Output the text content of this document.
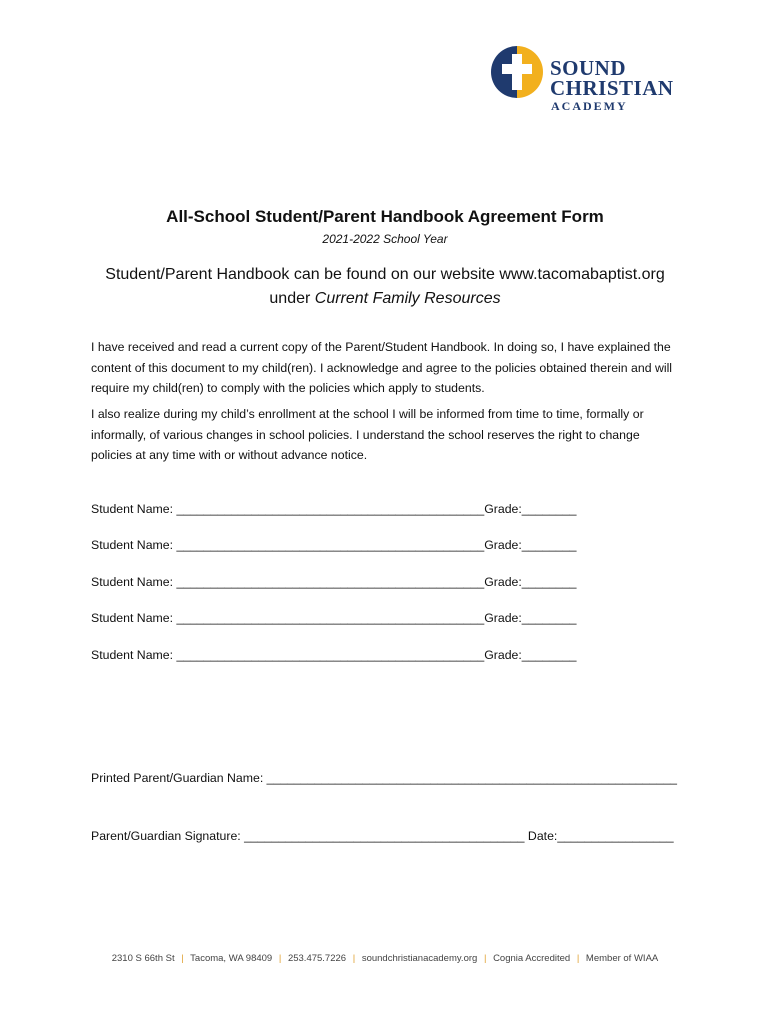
SOUND
CHRISTIAN
ACADEMY
All-School Student/Parent Handbook Agreement Form
2021-2022 School Year
Student/Parent Handbook can be found on our website www.tacomabaptist.org
under Current Family Resources
I have received and read a current copy of the Parent/Student Handbook. In doing so, I have explained the content of this document to my child(ren). I acknowledge and agree to the policies obtained therein and will require my child(ren) to comply with the policies which apply to students.
I also realize during my child’s enrollment at the school I will be informed from time to time, formally or informally, of various changes in school policies. I understand the school reserves the right to change policies at any time with or without advance notice.
Student Name: _____________________________________________Grade:________
Student Name: _____________________________________________Grade:________
Student Name: _____________________________________________Grade:________
Student Name: _____________________________________________Grade:________
Student Name: _____________________________________________Grade:________
Printed Parent/Guardian Name: ____________________________________________________________
Parent/Guardian Signature: _________________________________________ Date:_________________
2310 S 66th St | Tacoma, WA 98409 | 253.475.7226 | soundchristianacademy.org | Cognia Accredited | Member of WIAA
